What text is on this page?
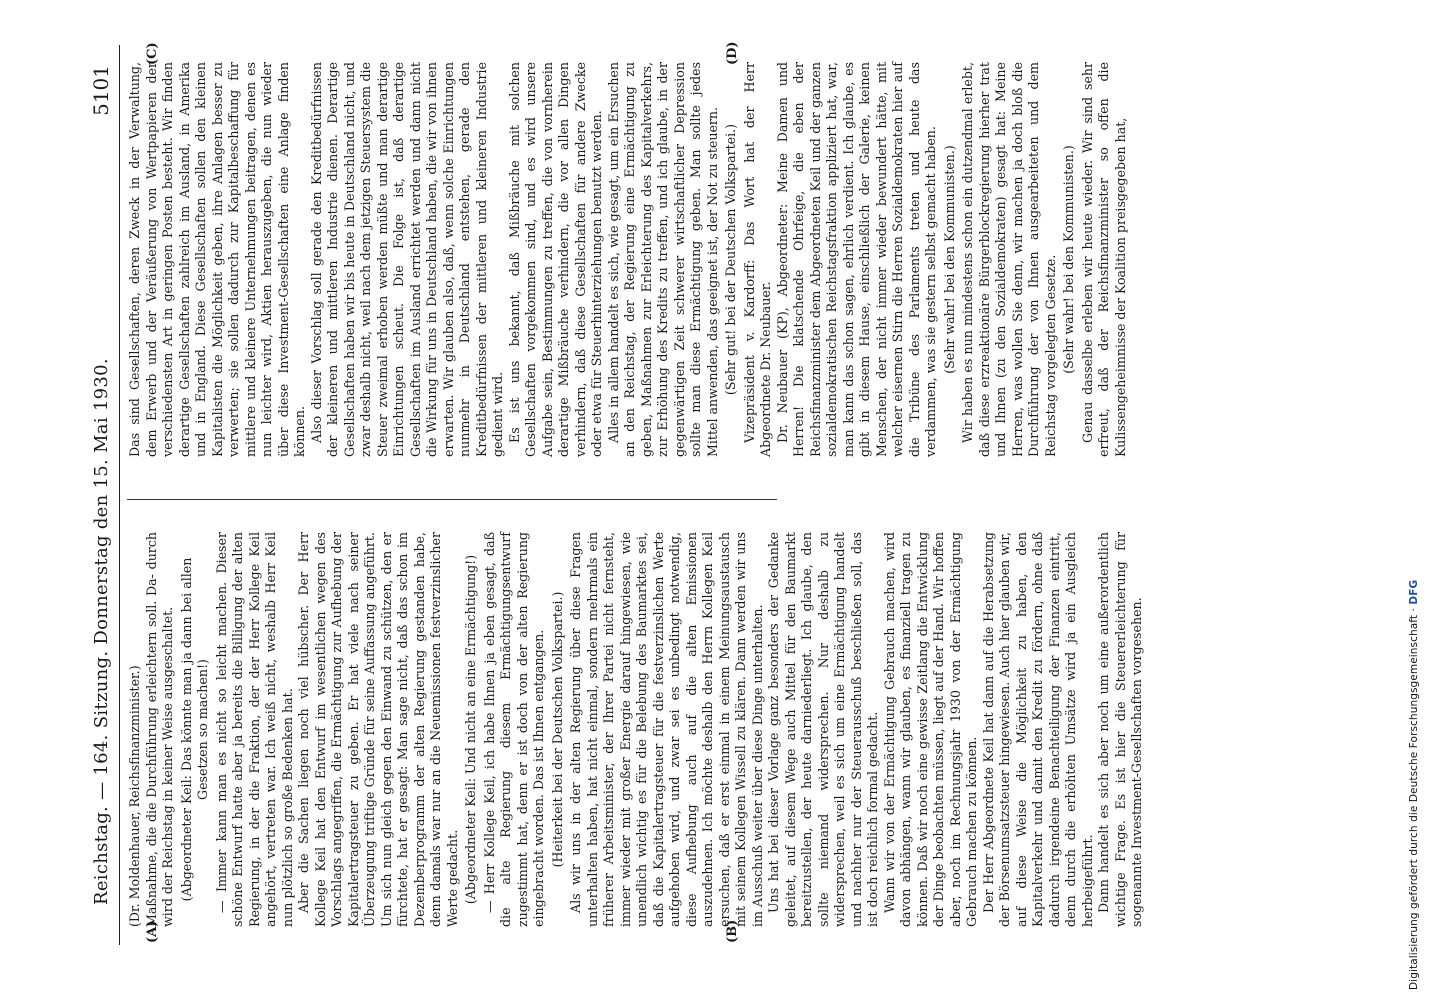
Reichstag. — 164. Sitzung. Donnerstag den 15. Mai 1930.
5101

(Dr. Moldenhauer, Reichsfinanzminister.) Maßnahme, die die Durchführung erleichtern soll. Da- durch wird der Reichstag in keiner Weise ausgeschaltet. (Abgeordneter Keil: Das könnte man ja dann bei allen Gesetzen so machen!) — Immer kann man es nicht so leicht machen. Dieser schöne Entwurf hatte aber ja bereits die Billigung der alten Regierung, in der die Fraktion, der der Herr Kollege Keil angehört, vertreten war. Ich weiß nicht, weshalb Herr Keil nun plötzlich so große Bedenken hat. Aber die Sachen liegen noch viel hübscher. Der Herr Kollege Keil hat den Entwurf im wesentlichen wegen des Vorschlags angegriffen, die Ermächtigung zur Aufhebung der Kapitalertragsteuer zu geben. Er hat viele nach seiner Überzeugung triftige Gründe für seine Auffassung angeführt. Um sich nun gleich gegen den Einwand zu schützen, den er fürchtete, hat er gesagt: Man sage nicht, daß das schon im Dezemberprogramm der alten Regierung gestanden habe, denn damals war nur an die Neuemissionen festverzinslicher Werte gedacht. (Abgeordneter Keil: Und nicht an eine Ermächtigung!) — Herr Kollege Keil, ich habe Ihnen ja eben gesagt, daß die alte Regierung diesem Ermächtigungsentwurf zugestimmt hat, denn er ist doch von der alten Regierung eingebracht worden. Das ist Ihnen entgangen. (Heiterkeit bei der Deutschen Volkspartei.) Als wir uns in der alten Regierung über diese Fragen unterhalten haben, hat nicht einmal, sondern mehrmals ein früherer Arbeitsminister, der Ihrer Partei nicht fernsteht, immer wieder mit großer Energie darauf hingewiesen, wie unendlich wichtig es für die Belebung des Baumarktes sei, daß die Kapitalertragsteuer für die festverzinslichen Werte aufgehoben wird, und zwar sei es unbedingt notwendig, diese Aufhebung auch auf die alten Emissionen auszudehnen. Ich möchte deshalb den Herrn Kollegen Keil ersuchen, daß er erst einmal in einem Meinungsaustausch mit seinem Kollegen Wissell zu klären. Dann werden wir uns im Ausschuß weiter über diese Dinge unterhalten. Uns hat bei dieser Vorlage ganz besonders der Gedanke geleitet, auf diesem Wege auch Mittel für den Baumarkt bereitzustellen, der heute darniederliegt. Ich glaube, den sollte niemand widersprechen. Nur deshalb zu widersprechen, weil es sich um eine Ermächtigung handelt und nachher nur der Steuerausschuß beschließen soll, das ist doch reichlich formal gedacht. Wann wir von der Ermächtigung Gebrauch machen, wird davon abhängen, wann wir glauben, es finanziell tragen zu können. Daß wir noch eine gewisse Zeitlang die Entwicklung der Dinge beobachten müssen, liegt auf der Hand. Wir hoffen aber, noch im Rechnungsjahr 1930 von der Ermächtigung Gebrauch machen zu können. Der Herr Abgeordnete Keil hat dann auf die Herabsetzung der Börsenumsatzsteuer hingewiesen. Auch hier glauben wir, auf diese Weise die Möglichkeit zu haben, den Kapitalverkehr und damit den Kredit zu fördern, ohne daß dadurch irgendeine Benachteiligung der Finanzen eintritt, denn durch die erhöhten Umsätze wird ja ein Ausgleich herbeigeführt. Dann handelt es sich aber noch um eine außerordentlich wichtige Frage. Es ist hier die Steuererleichterung für sogenannte Investment-Gesellschaften vorgesehen.

Das sind Gesellschaften, deren Zweck in der Verwaltung, dem Erwerb und der Veräußerung von Wertpapieren der verschiedensten Art in geringen Posten besteht. Wir finden derartige Gesellschaften zahlreich im Ausland, in Amerika und in England. Diese Gesellschaften sollen den kleinen Kapitalisten die Möglichkeit geben, ihre Anlagen besser zu verwerten; sie sollen dadurch zur Kapitalbeschaffung für mittlere und kleinere Unternehmungen beitragen, denen es nun leichter wird, Aktien herauszugeben, die nun wieder über diese Investment-Gesellschaften eine Anlage finden können. Also dieser Vorschlag soll gerade den Kreditbedürfnissen der kleineren und mittleren Industrie dienen. Derartige Gesellschaften haben wir bis heute in Deutschland nicht, und zwar deshalb nicht, weil nach dem jetzigen Steuersystem die Steuer zweimal erhoben werden müßte und man derartige Einrichtungen scheut. Die Folge ist, daß derartige Gesellschaften im Ausland errichtet werden und dann nicht die Wirkung für uns in Deutschland haben, die wir von ihnen erwarten. Wir glauben also, daß, wenn solche Einrichtungen nunmehr in Deutschland entstehen, gerade den Kreditbedürfnissen der mittleren und kleineren Industrie gedient wird. Es ist uns bekannt, daß Mißbräuche mit solchen Gesellschaften vorgekommen sind, und es wird unsere Aufgabe sein, Bestimmungen zu treffen, die von vornherein derartige Mißbräuche verhindern, die vor allen Dingen verhindern, daß diese Gesellschaften für andere Zwecke oder etwa für Steuerhinterziehungen benutzt werden. Alles in allem handelt es sich, wie gesagt, um ein Ersuchen an den Reichstag, der Regierung eine Ermächtigung zu geben, Maßnahmen zur Erleichterung des Kapitalverkehrs, zur Erhöhung des Kredits zu treffen, und ich glaube, in der gegenwärtigen Zeit schwerer wirtschaftlicher Depression sollte man diese Ermächtigung geben. Man sollte jedes Mittel anwenden, das geeignet ist, der Not zu steuern. (Sehr gut! bei der Deutschen Volkspartei.) Vizepräsident v. Kardorff: Das Wort hat der Herr Abgeordnete Dr. Neubauer. Dr. Neubauer (KP), Abgeordneter: Meine Damen und Herren! Die klatschende Ohrfeige, die eben der Reichsfinanzminister dem Abgeordneten Keil und der ganzen sozialdemokratischen Reichstagsfraktion appliziert hat, war, man kann das schon sagen, ehrlich verdient. Ich glaube, es gibt in diesem Hause, einschließlich der Galerie, keinen Menschen, der nicht immer wieder bewundert hätte, mit welcher eisernen Stirn die Herren Sozialdemokraten hier auf die Tribüne des Parlaments treten und heute das verdammen, was sie gestern selbst gemacht haben. (Sehr wahr! bei den Kommunisten.) Wir haben es nun mindestens schon ein dutzendmal erlebt, daß diese erzreaktionäre Bürgerblockregierung hierher trat und Ihnen (zu den Sozialdemokraten) gesagt hat: Meine Herren, was wollen Sie denn, wir machen ja doch bloß die Durchführung der von Ihnen ausgearbeiteten und dem Reichstag vorgelegten Gesetze. (Sehr wahr! bei den Kommunisten.) Genau dasselbe erleben wir heute wieder. Wir sind sehr erfreut, daß der Reichsfinanzminister so offen die Kulissengeheimnisse der Koalition preisgegeben hat,

(A)	(B)
(C)	(D)
Digitalisierung gefördert durch die Deutsche Forschungsgemeinschaft · DFG
